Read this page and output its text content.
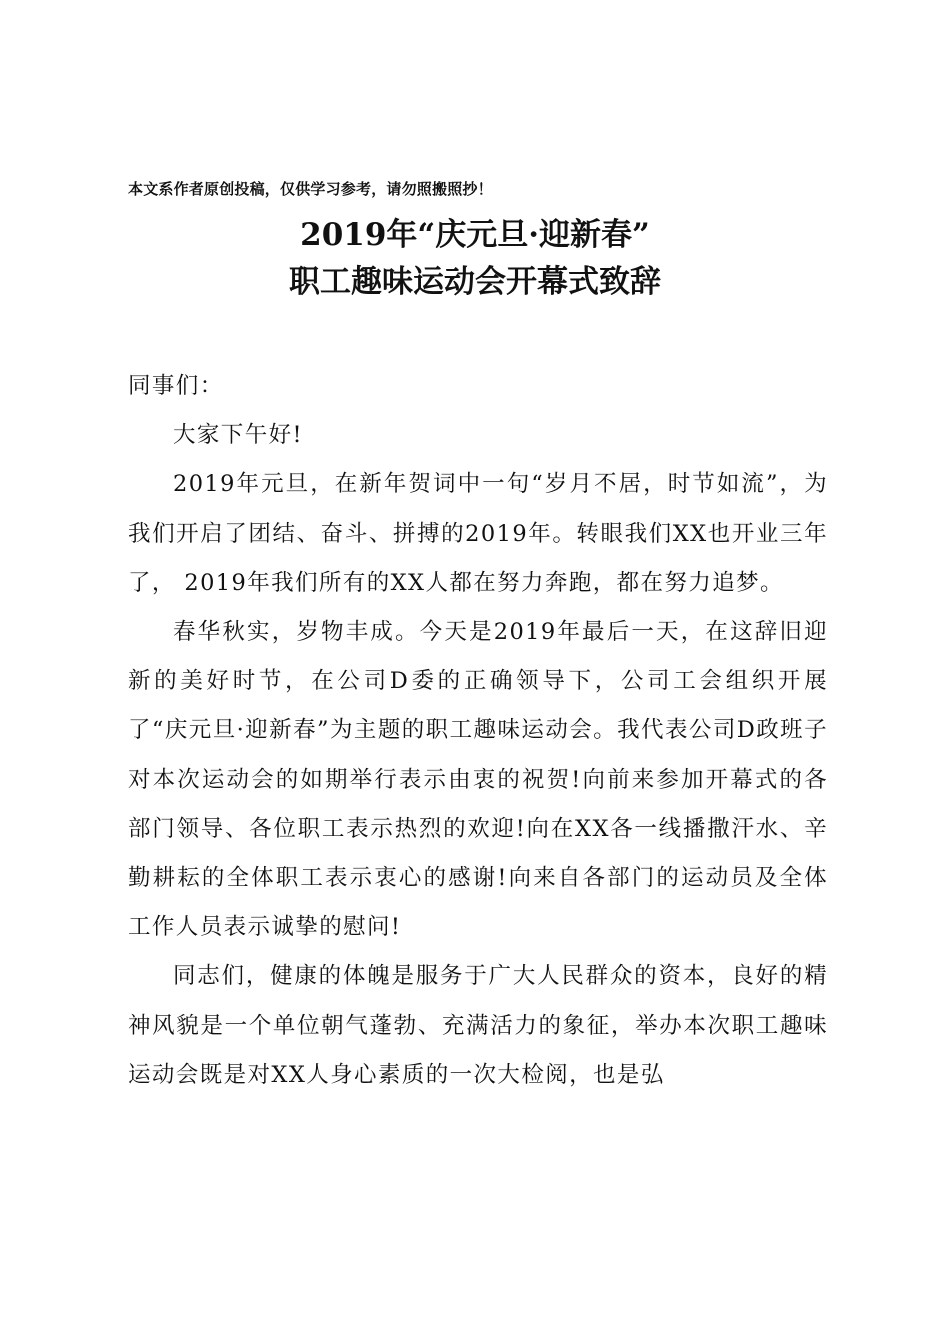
本文系作者原创投稿，仅供学习参考，请勿照搬照抄！
2019年“庆元旦·迎新春”
职工趣味运动会开幕式致辞

同事们：

大家下午好!

2019年元旦，在新年贺词中一句“岁月不居，时节如流”，为我们开启了团结、奋斗、拼搏的2019年。转眼我们XX也开业三年了， 2019年我们所有的XX人都在努力奔跑，都在努力追梦。

春华秋实，岁物丰成。今天是2019年最后一天，在这辞旧迎新的美好时节，在公司D委的正确领导下，公司工会组织开展了“庆元旦·迎新春”为主题的职工趣味运动会。我代表公司D政班子对本次运动会的如期举行表示由衷的祝贺!向前来参加开幕式的各部门领导、各位职工表示热烈的欢迎!向在XX各一线播撒汗水、辛勤耕耘的全体职工表示衷心的感谢!向来自各部门的运动员及全体工作人员表示诚挚的慰问!

同志们，健康的体魄是服务于广大人民群众的资本，良好的精神风貌是一个单位朝气蓬勃、充满活力的象征，举办本次职工趣味运动会既是对XX人身心素质的一次大检阅，也是弘
